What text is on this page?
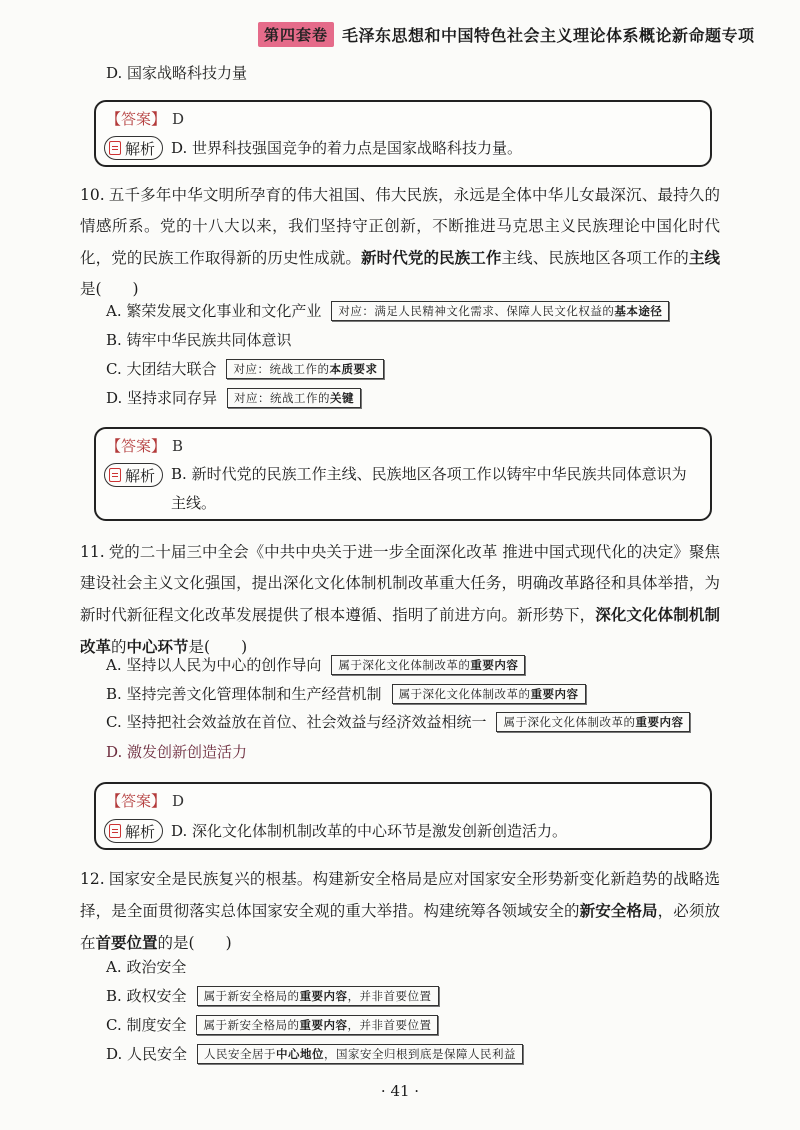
第四套卷 毛泽东思想和中国特色社会主义理论体系概论新命题专项
D. 国家战略科技力量
【答案】 D
解析 D. 世界科技强国竞争的着力点是国家战略科技力量。
10. 五千多年中华文明所孕育的伟大祖国、伟大民族，永远是全体中华儿女最深沉、最持久的情感所系。党的十八大以来，我们坚持守正创新，不断推进马克思主义民族理论中国化时代化，党的民族工作取得新的历史性成就。新时代党的民族工作主线、民族地区各项工作的主线是(　　)
A. 繁荣发展文化事业和文化产业	对应：满足人民精神文化需求、保障人民文化权益的基本途径
B. 铸牢中华民族共同体意识
C. 大团结大联合	对应：统战工作的本质要求
D. 坚持求同存异	对应：统战工作的关键
【答案】 B
解析 B. 新时代党的民族工作主线、民族地区各项工作以铸牢中华民族共同体意识为主线。
11. 党的二十届三中全会《中共中央关于进一步全面深化改革 推进中国式现代化的决定》聚焦建设社会主义文化强国，提出深化文化体制机制改革重大任务，明确改革路径和具体举措，为新时代新征程文化改革发展提供了根本遵循、指明了前进方向。新形势下，深化文化体制机制改革的中心环节是(　　)
A. 坚持以人民为中心的创作导向	属于深化文化体制改革的重要内容
B. 坚持完善文化管理体制和生产经营机制	属于深化文化体制改革的重要内容
C. 坚持把社会效益放在首位、社会效益与经济效益相统一	属于深化文化体制改革的重要内容
D. 激发创新创造活力
【答案】 D
解析 D. 深化文化体制机制改革的中心环节是激发创新创造活力。
12. 国家安全是民族复兴的根基。构建新安全格局是应对国家安全形势新变化新趋势的战略选择，是全面贯彻落实总体国家安全观的重大举措。构建统筹各领域安全的新安全格局，必须放在首要位置的是(　　)
A. 政治安全
B. 政权安全	属于新安全格局的重要内容，并非首要位置
C. 制度安全	属于新安全格局的重要内容，并非首要位置
D. 人民安全	人民安全居于中心地位，国家安全归根到底是保障人民利益
· 41 ·
